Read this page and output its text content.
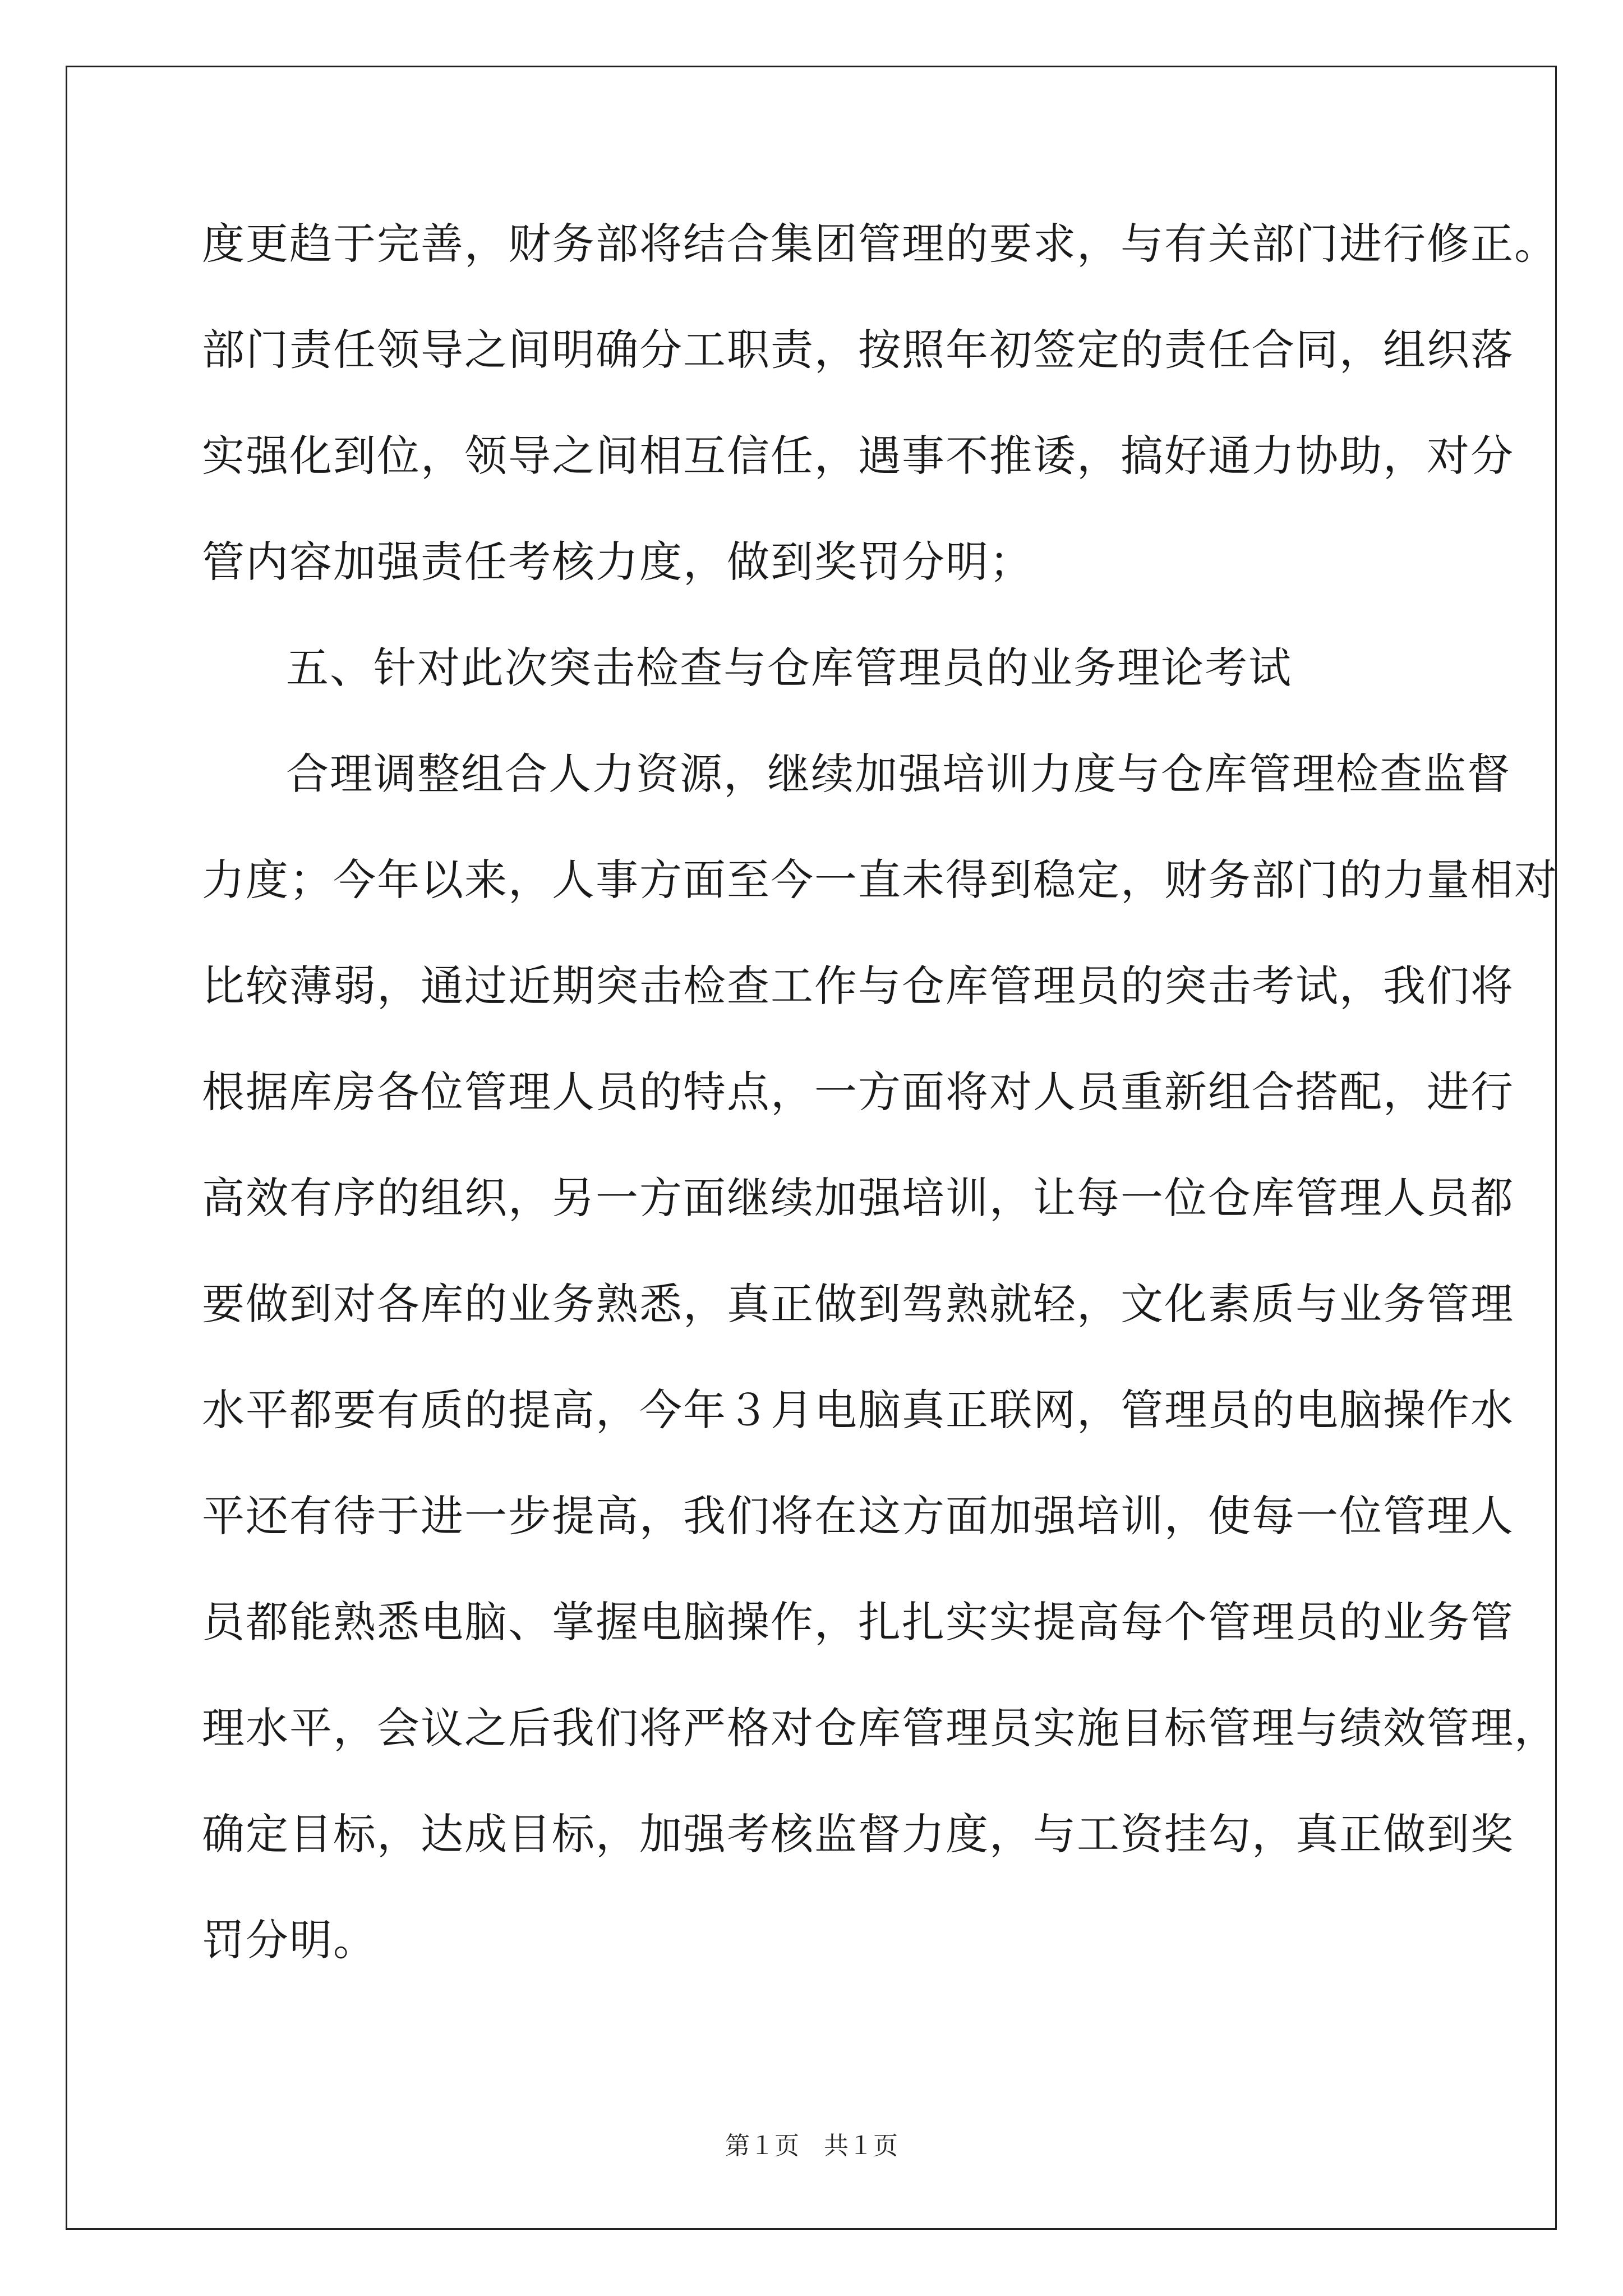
度更趋于完善，财务部将结合集团管理的要求，与有关部门进行修正。
部门责任领导之间明确分工职责，按照年初签定的责任合同，组织落
实强化到位，领导之间相互信任，遇事不推诿，搞好通力协助，对分
管内容加强责任考核力度，做到奖罚分明；
五、针对此次突击检查与仓库管理员的业务理论考试
合理调整组合人力资源，继续加强培训力度与仓库管理检查监督
力度；今年以来，人事方面至今一直未得到稳定，财务部门的力量相对
比较薄弱，通过近期突击检查工作与仓库管理员的突击考试，我们将
根据库房各位管理人员的特点，一方面将对人员重新组合搭配，进行
高效有序的组织，另一方面继续加强培训，让每一位仓库管理人员都
要做到对各库的业务熟悉，真正做到驾熟就轻，文化素质与业务管理
水平都要有质的提高，今年３月电脑真正联网，管理员的电脑操作水
平还有待于进一步提高，我们将在这方面加强培训，使每一位管理人
员都能熟悉电脑、掌握电脑操作，扎扎实实提高每个管理员的业务管
理水平，会议之后我们将严格对仓库管理员实施目标管理与绩效管理，
确定目标，达成目标，加强考核监督力度，与工资挂勾，真正做到奖
罚分明。
第１页　共１页
